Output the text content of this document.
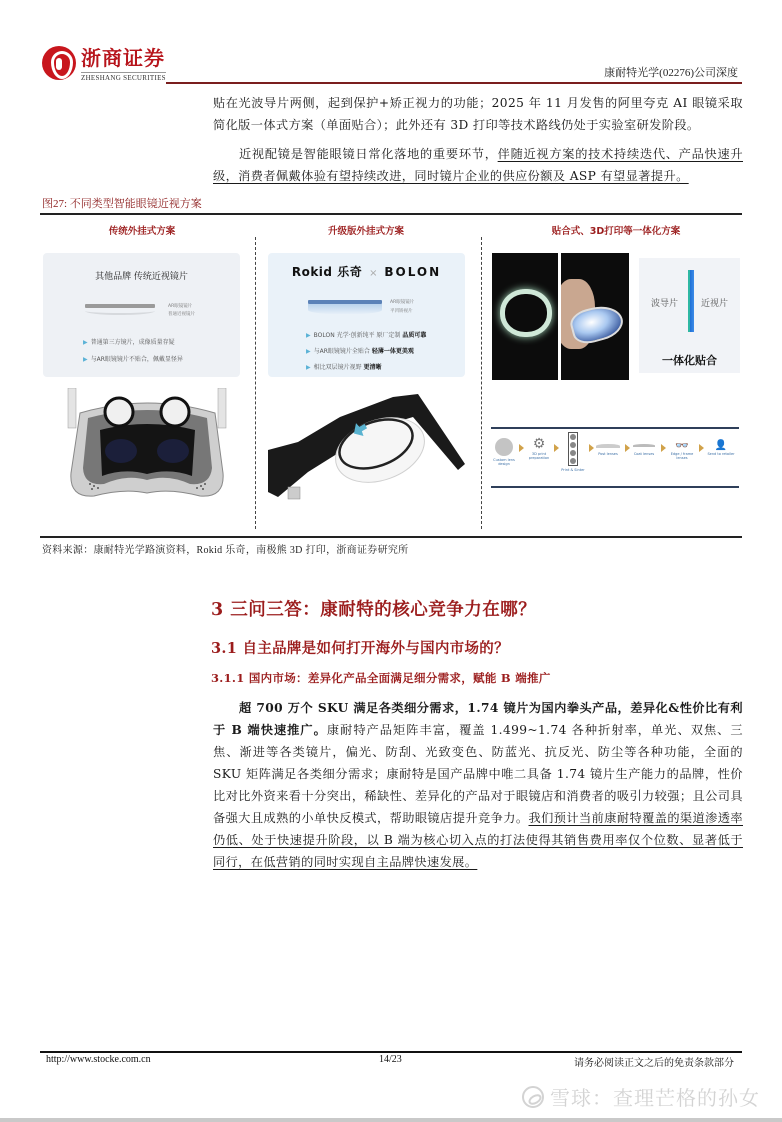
浙商证券
ZHESHANG SECURITIES	康耐特光学(02276)公司深度

贴在光波导片两侧，起到保护+矫正视力的功能；2025 年 11 月发售的阿里夸克 AI 眼镜采取简化版一体式方案（单面贴合）；此外还有 3D 打印等技术路线仍处于实验室研发阶段。

近视配镜是智能眼镜日常化落地的重要环节，伴随近视方案的技术持续迭代、产品快速升级，消费者佩戴体验有望持续改进，同时镜片企业的供应份额及 ASP 有望显著提升。

图27: 不同类型智能眼镜近视方案
传统外挂式方案	升级版外挂式方案	贴合式、3D打印等一体化方案
其他品牌 传统近视镜片
AR眼镜镜片
普通近视镜片
▶ 普通第三方镜片，成像质量存疑
▶ 与AR眼镜镜片不贴合，佩戴显怪异
Rokid 乐奇 × BOLON
AR眼镜镜片
平凹矫视片
▶ BOLON 光学·创新纯平 原厂定制 品质可靠
▶ 与AR眼镜镜片全贴合 轻薄一体更美观
▶ 相比双层镜片视野 更清晰
波导片	近视片
一体化贴合
Custom lens design
⚙
3D print preparation
Print & Sinter
Post lenses	Coat lenses
👓
Edge / frame lenses
👤
Send to retailer
资料来源：康耐特光学路演资料，Rokid 乐奇，南极熊 3D 打印，浙商证券研究所
3 三问三答：康耐特的核心竞争力在哪？
3.1 自主品牌是如何打开海外与国内市场的？
3.1.1 国内市场：差异化产品全面满足细分需求，赋能 B 端推广

超 700 万个 SKU 满足各类细分需求，1.74 镜片为国内拳头产品，差异化&性价比有利于 B 端快速推广。康耐特产品矩阵丰富，覆盖 1.499~1.74 各种折射率，单光、双焦、三焦、渐进等各类镜片，偏光、防刮、光致变色、防蓝光、抗反光、防尘等各种功能，全面的 SKU 矩阵满足各类细分需求；康耐特是国产品牌中唯二具备 1.74 镜片生产能力的品牌，性价比对比外资来看十分突出，稀缺性、差异化的产品对于眼镜店和消费者的吸引力较强；且公司具备强大且成熟的小单快反模式，帮助眼镜店提升竞争力。我们预计当前康耐特覆盖的渠道渗透率仍低、处于快速提升阶段，以 B 端为核心切入点的打法使得其销售费用率仅个位数、显著低于同行，在低营销的同时实现自主品牌快速发展。

http://www.stocke.com.cn	14/23	请务必阅读正文之后的免责条款部分
雪球：查理芒格的孙女
